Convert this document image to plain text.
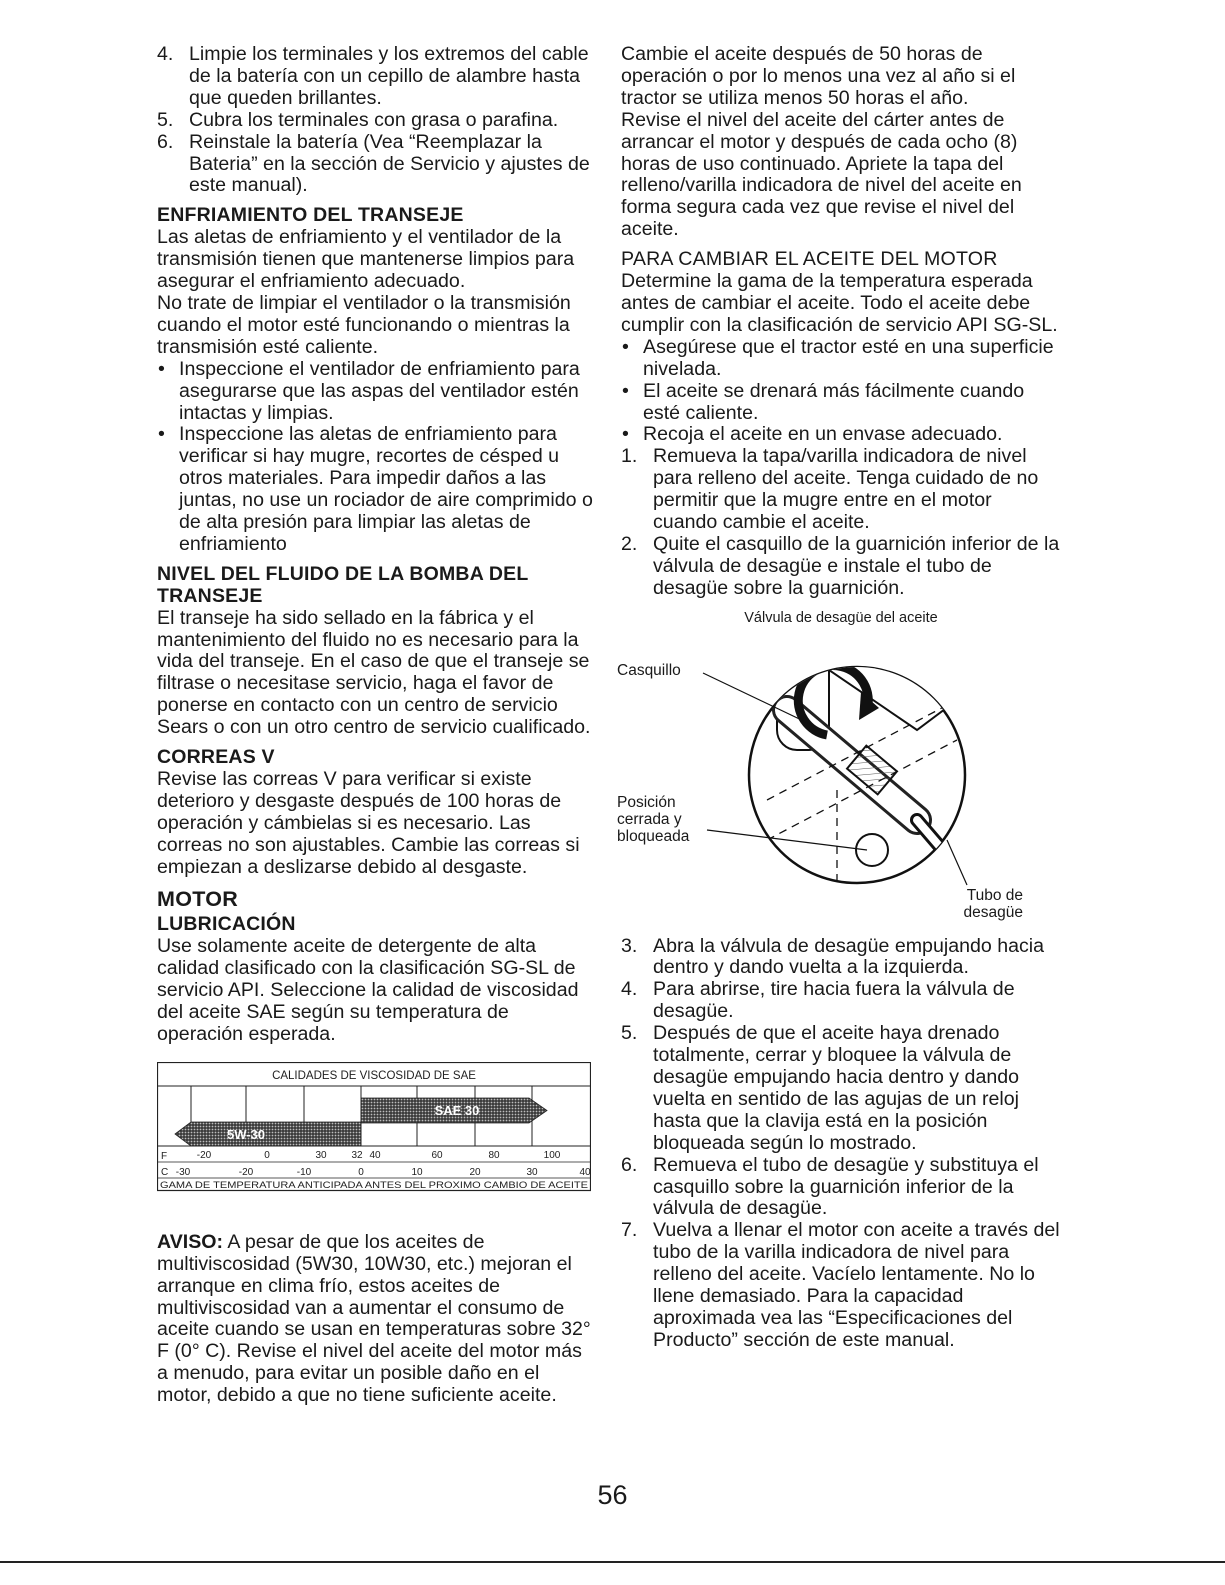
4. Limpie los terminales y los extremos del cable de la batería con un cepillo de alambre hasta que queden brillantes.
5. Cubra los terminales con grasa o parafina.
6. Reinstale la batería (Vea “Reemplazar la Bateria” en la sección de Servicio y ajustes de este manual).

ENFRIAMIENTO DEL TRANSEJE

Las aletas de enfriamiento y el ventilador de la transmisión tienen que mantenerse limpios para asegurar el enfriamiento adecuado.

No trate de limpiar el ventilador o la transmisión cuando el motor esté funcionando o mientras la transmisión esté caliente.

• Inspeccione el ventilador de enfriamiento para asegurarse que las aspas del ventilador estén intactas y limpias.
• Inspeccione las aletas de enfriamiento para verificar si hay mugre, recortes de césped u otros materiales. Para impedir daños a las juntas, no use un rociador de aire comprimido o de alta presión para limpiar las aletas de enfriamiento

NIVEL DEL FLUIDO DE LA BOMBA DEL TRANSEJE

El transeje ha sido sellado en la fábrica y el mantenimiento del fluido no es necesario para la vida del transeje. En el caso de que el transeje se filtrase o necesitase servicio, haga el favor de ponerse en contacto con un centro de servicio Sears o con un otro centro de servicio cualificado.

CORREAS V

Revise las correas V para verificar si existe deterioro y desgaste después de 100 horas de operación y cámbielas si es necesario. Las correas no son ajustables. Cambie las correas si empiezan a deslizarse debido al desgaste.

MOTOR

LUBRICACIÓN

Use solamente aceite de detergente de alta calidad clasificado con la clasificación SG-SL de servicio API. Seleccione la calidad de viscosidad del aceite SAE según su temperatura de operación esperada.

CALIDADES DE VISCOSIDAD DE SAE
SAE 30
5W-30
F	-20	0	30 32 40	60	80	100
C -30	-20	-10	0	10	20	30	40
GAMA DE TEMPERATURA ANTICIPADA ANTES DEL PROXIMO CAMBIO DE ACEITE

AVISO: A pesar de que los aceites de multiviscosidad (5W30, 10W30, etc.) mejoran el arranque en clima frío, estos aceites de multiviscosidad van a aumentar el consumo de aceite cuando se usan en temperaturas sobre 32° F (0° C). Revise el nivel del aceite del motor más a menudo, para evitar un posible daño en el motor, debido a que no tiene suficiente aceite.

Cambie el aceite después de 50 horas de operación o por lo menos una vez al año si el tractor se utiliza menos 50 horas el año.

Revise el nivel del aceite del cárter antes de arrancar el motor y después de cada ocho (8) horas de uso continuado. Apriete la tapa del relleno/varilla indicadora de nivel del aceite en forma segura cada vez que revise el nivel del aceite.

PARA CAMBIAR EL ACEITE DEL MOTOR

Determine la gama de la temperatura esperada antes de cambiar el aceite. Todo el aceite debe cumplir con la clasificación de servicio API SG-SL.

• Asegúrese que el tractor esté en una superficie nivelada.
• El aceite se drenará más fácilmente cuando esté caliente.
• Recoja el aceite en un envase adecuado.
1. Remueva la tapa/varilla indicadora de nivel para relleno del aceite. Tenga cuidado de no permitir que la mugre entre en el motor cuando cambie el aceite.
2. Quite el casquillo de la guarnición inferior de la válvula de desagüe e instale el tubo de desagüe sobre la guarnición.
Válvula de desagüe del aceite
Casquillo
Posición
cerrada y
bloqueada
Tubo de
desagüe
3. Abra la válvula de desagüe empujando hacia dentro y dando vuelta a la izquierda.
4. Para abrirse, tire hacia fuera la válvula de desagüe.
5. Después de que el aceite haya drenado totalmente, cerrar y bloquee la válvula de desagüe empujando hacia dentro y dando vuelta en sentido de las agujas de un reloj hasta que la clavija está en la posición bloqueada según lo mostrado.
6. Remueva el tubo de desagüe y substituya el casquillo sobre la guarnición inferior de la válvula de desagüe.
7. Vuelva a llenar el motor con aceite a través del tubo de la varilla indicadora de nivel para relleno del aceite. Vacíelo lentamente. No lo llene demasiado. Para la capacidad aproximada vea las “Especificaciones del Producto” sección de este manual.
56
